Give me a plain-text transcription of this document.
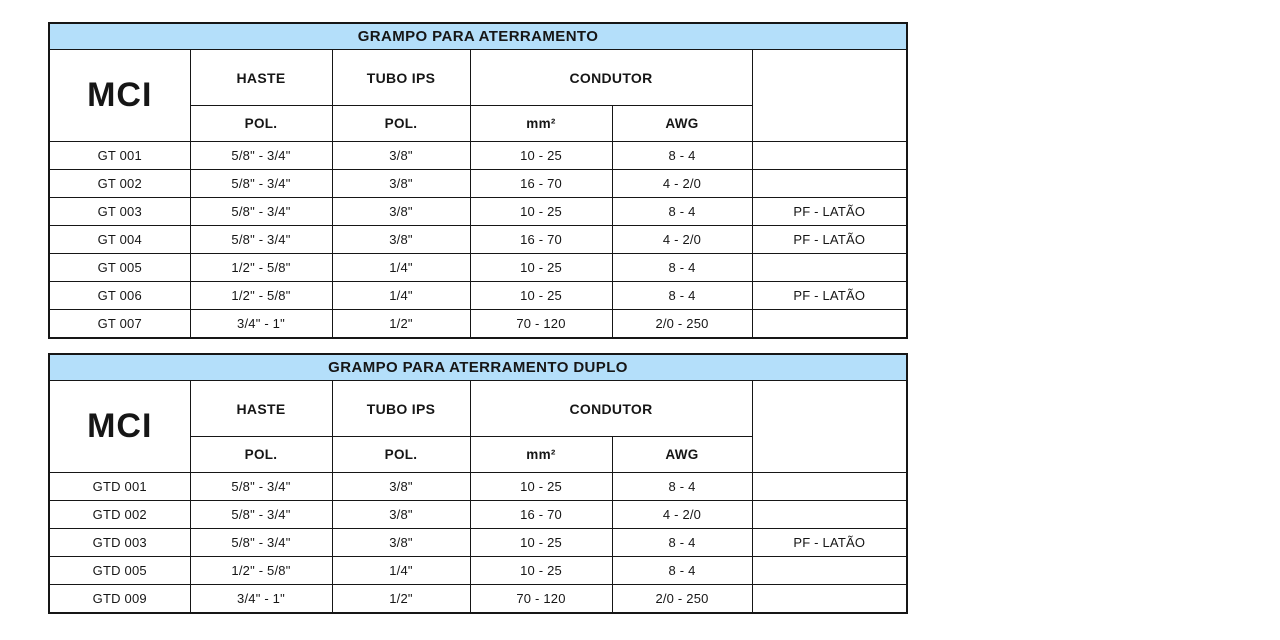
GRAMPO PARA ATERRAMENTO					
MCI	HASTE	TUBO IPS	CONDUTOR		
	POL.	POL.	mm²	AWG	
GT 001	5/8" - 3/4"	3/8"	10 - 25	8 - 4	
GT 002	5/8" - 3/4"	3/8"	16 - 70	4 - 2/0	
GT 003	5/8" - 3/4"	3/8"	10 - 25	8 - 4	PF - LATÃO
GT 004	5/8" - 3/4"	3/8"	16 - 70	4 - 2/0	PF - LATÃO
GT 005	1/2" - 5/8"	1/4"	10 - 25	8 - 4	
GT 006	1/2" - 5/8"	1/4"	10 - 25	8 - 4	PF - LATÃO
GT 007	3/4" - 1"	1/2"	70 - 120	2/0 - 250	
GRAMPO PARA ATERRAMENTO DUPLO					
MCI	HASTE	TUBO IPS	CONDUTOR		
	POL.	POL.	mm²	AWG	
GTD 001	5/8" - 3/4"	3/8"	10 - 25	8 - 4	
GTD 002	5/8" - 3/4"	3/8"	16 - 70	4 - 2/0	
GTD 003	5/8" - 3/4"	3/8"	10 - 25	8 - 4	PF - LATÃO
GTD 005	1/2" - 5/8"	1/4"	10 - 25	8 - 4	
GTD 009	3/4" - 1"	1/2"	70 - 120	2/0 - 250	
